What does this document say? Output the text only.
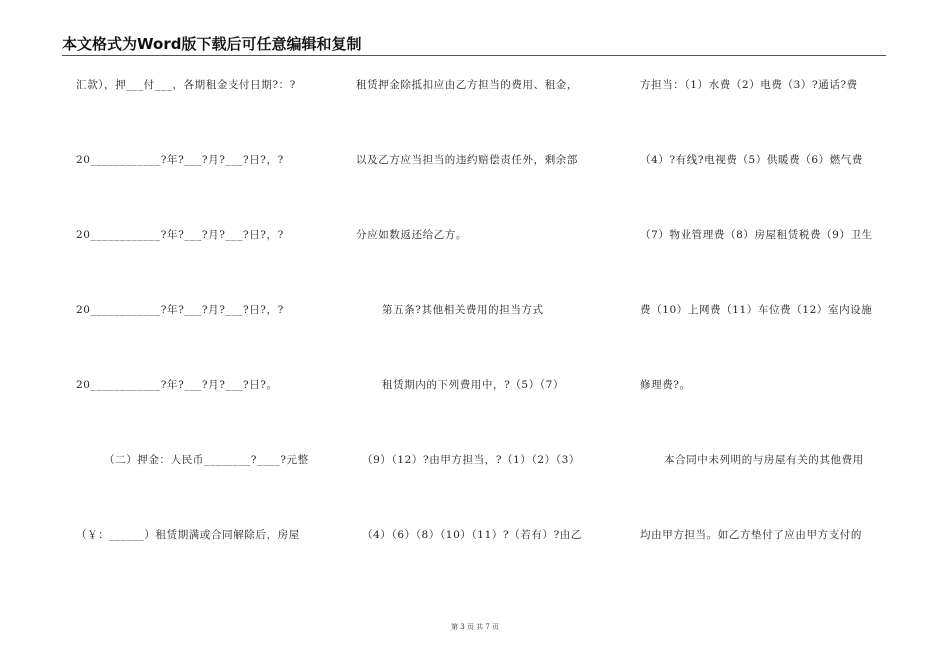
本文格式为Word版下载后可任意编辑和复制
汇款），押___付___，各期租金支付日期?：?
20____________?年?___?月?___?日?，?
20____________?年?___?月?___?日?，?
20____________?年?___?月?___?日?，?
20____________?年?___?月?___?日?。
（二）押金：人民币________?____?元整
（￥：______）租赁期满或合同解除后，房屋
租赁押金除抵扣应由乙方担当的费用、租金，
以及乙方应当担当的违约赔偿责任外，剩余部
分应如数返还给乙方。
第五条?其他相关费用的担当方式
租赁期内的下列费用中，?（5）（7）
（9）（12）?由甲方担当，?（1）（2）（3）
（4）（6）（8）（10）（11）?（若有）?由乙
方担当：（1）水费（2）电费（3）?通话?费
（4）?有线?电视费（5）供暖费（6）燃气费
（7）物业管理费（8）房屋租赁税费（9）卫生
费（10）上网费（11）车位费（12）室内设施
修理费?。
本合同中未列明的与房屋有关的其他费用
均由甲方担当。如乙方垫付了应由甲方支付的
第 3 页 共 7 页
